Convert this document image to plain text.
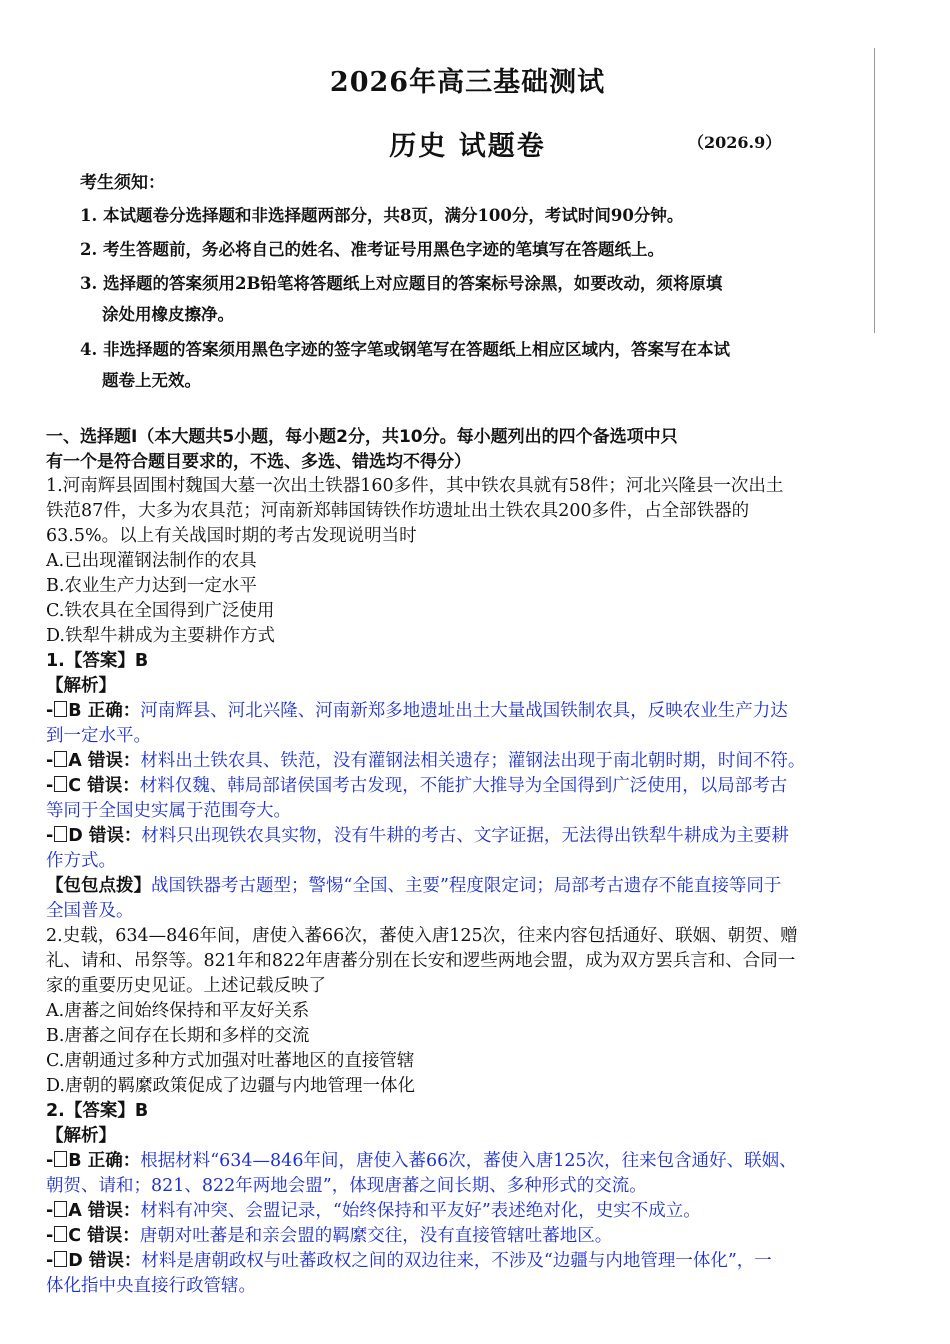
2026年高三基础测试
历史 试题卷	（2026.9）
考生须知：
1. 本试题卷分选择题和非选择题两部分，共8页，满分100分，考试时间90分钟。
2. 考生答题前，务必将自己的姓名、准考证号用黑色字迹的笔填写在答题纸上。
3. 选择题的答案须用2B铅笔将答题纸上对应题目的答案标号涂黑，如要改动，须将原填
涂处用橡皮擦净。
4. 非选择题的答案须用黑色字迹的签字笔或钢笔写在答题纸上相应区域内，答案写在本试
题卷上无效。
一、选择题Ⅰ（本大题共5小题，每小题2分，共10分。每小题列出的四个备选项中只
有一个是符合题目要求的，不选、多选、错选均不得分）
1.河南辉县固围村魏国大墓一次出土铁器160多件，其中铁农具就有58件；河北兴隆县一次出土
铁范87件，大多为农具范；河南新郑韩国铸铁作坊遗址出土铁农具200多件，占全部铁器的
63.5%。以上有关战国时期的考古发现说明当时
A.已出现灌钢法制作的农具
B.农业生产力达到一定水平
C.铁农具在全国得到广泛使用
D.铁犁牛耕成为主要耕作方式
1.【答案】B
【解析】
- B 正确：河南辉县、河北兴隆、河南新郑多地遗址出土大量战国铁制农具，反映农业生产力达
到一定水平。
- A 错误：材料出土铁农具、铁范，没有灌钢法相关遗存；灌钢法出现于南北朝时期，时间不符。
- C 错误：材料仅魏、韩局部诸侯国考古发现，不能扩大推导为全国得到广泛使用，以局部考古
等同于全国史实属于范围夸大。
- D 错误：材料只出现铁农具实物，没有牛耕的考古、文字证据，无法得出铁犁牛耕成为主要耕
作方式。
【包包点拨】战国铁器考古题型；警惕“全国、主要”程度限定词；局部考古遗存不能直接等同于
全国普及。
2.史载，634—846年间，唐使入蕃66次，蕃使入唐125次，往来内容包括通好、联姻、朝贺、赠
礼、请和、吊祭等。821年和822年唐蕃分别在长安和逻些两地会盟，成为双方罢兵言和、合同一
家的重要历史见证。上述记载反映了
A.唐蕃之间始终保持和平友好关系
B.唐蕃之间存在长期和多样的交流
C.唐朝通过多种方式加强对吐蕃地区的直接管辖
D.唐朝的羁縻政策促成了边疆与内地管理一体化
2.【答案】B
【解析】
- B 正确：根据材料“634—846年间，唐使入蕃66次，蕃使入唐125次，往来包含通好、联姻、
朝贺、请和；821、822年两地会盟”，体现唐蕃之间长期、多种形式的交流。
- A 错误：材料有冲突、会盟记录，“始终保持和平友好”表述绝对化，史实不成立。
- C 错误：唐朝对吐蕃是和亲会盟的羁縻交往，没有直接管辖吐蕃地区。
- D 错误：材料是唐朝政权与吐蕃政权之间的双边往来，不涉及“边疆与内地管理一体化”，一
体化指中央直接行政管辖。
